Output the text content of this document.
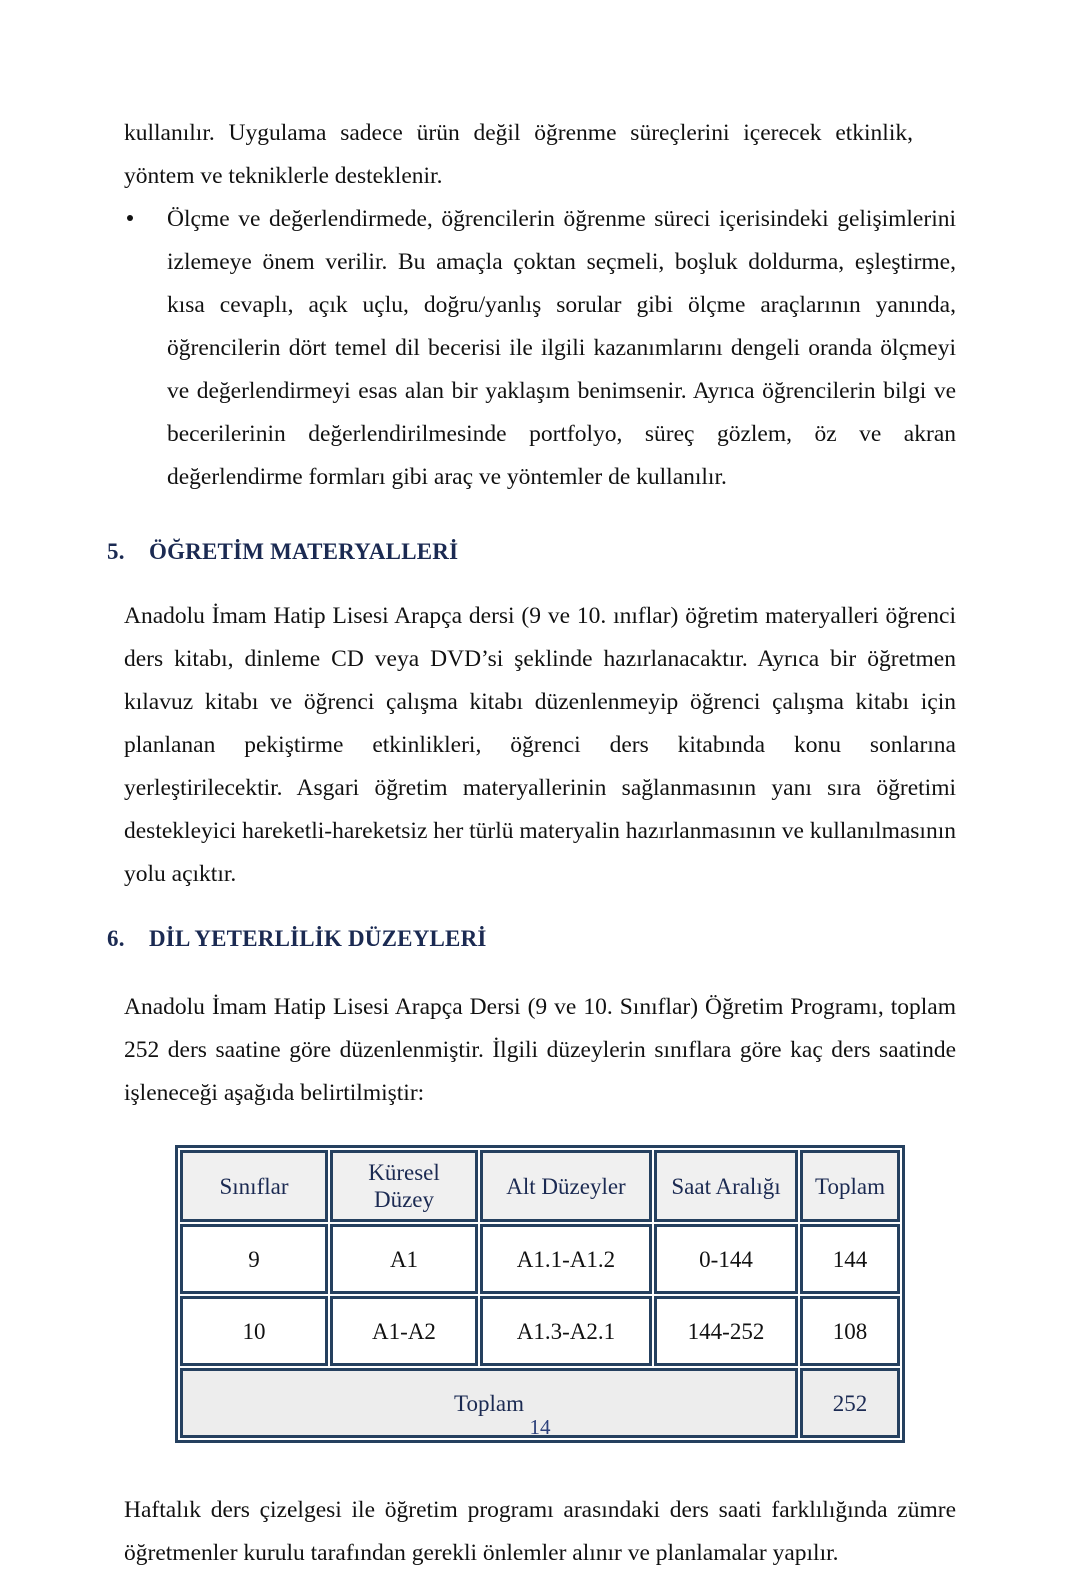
kullanılır. Uygulama sadece ürün değil öğrenme süreçlerini içerecek etkinlik, yöntem ve tekniklerle desteklenir.

Ölçme ve değerlendirmede, öğrencilerin öğrenme süreci içerisindeki gelişimlerini izlemeye önem verilir. Bu amaçla çoktan seçmeli, boşluk doldurma, eşleştirme, kısa cevaplı, açık uçlu, doğru/yanlış sorular gibi ölçme araçlarının yanında, öğrencilerin dört temel dil becerisi ile ilgili kazanımlarını dengeli oranda ölçmeyi ve değerlendirmeyi esas alan bir yaklaşım benimsenir. Ayrıca öğrencilerin bilgi ve becerilerinin değerlendirilmesinde portfolyo, süreç gözlem, öz ve akran değerlendirme formları gibi araç ve yöntemler de kullanılır.

5.	ÖĞRETİM MATERYALLERİ

Anadolu İmam Hatip Lisesi Arapça dersi (9 ve 10. ınıflar) öğretim materyalleri öğrenci ders kitabı, dinleme CD veya DVD’si şeklinde hazırlanacaktır. Ayrıca bir öğretmen kılavuz kitabı ve öğrenci çalışma kitabı düzenlenmeyip öğrenci çalışma kitabı için planlanan pekiştirme etkinlikleri, öğrenci ders kitabında konu sonlarına yerleştirilecektir. Asgari öğretim materyallerinin sağlanmasının yanı sıra öğretimi destekleyici hareketli-hareketsiz her türlü materyalin hazırlanmasının ve kullanılmasının yolu açıktır.

6.	DİL YETERLİLİK DÜZEYLERİ

Anadolu İmam Hatip Lisesi Arapça Dersi (9 ve 10. Sınıflar) Öğretim Programı, toplam 252 ders saatine göre düzenlenmiştir. İlgili düzeylerin sınıflara göre kaç ders saatinde işleneceği aşağıda belirtilmiştir:

Sınıflar	Küresel Düzey	Alt Düzeyler	Saat Aralığı	Toplam
9	A1	A1.1-A1.2	0-144	144
10	A1-A2	A1.3-A2.1	144-252	108
Toplam				252

Haftalık ders çizelgesi ile öğretim programı arasındaki ders saati farklılığında zümre öğretmenler kurulu tarafından gerekli önlemler alınır ve planlamalar yapılır.

14
